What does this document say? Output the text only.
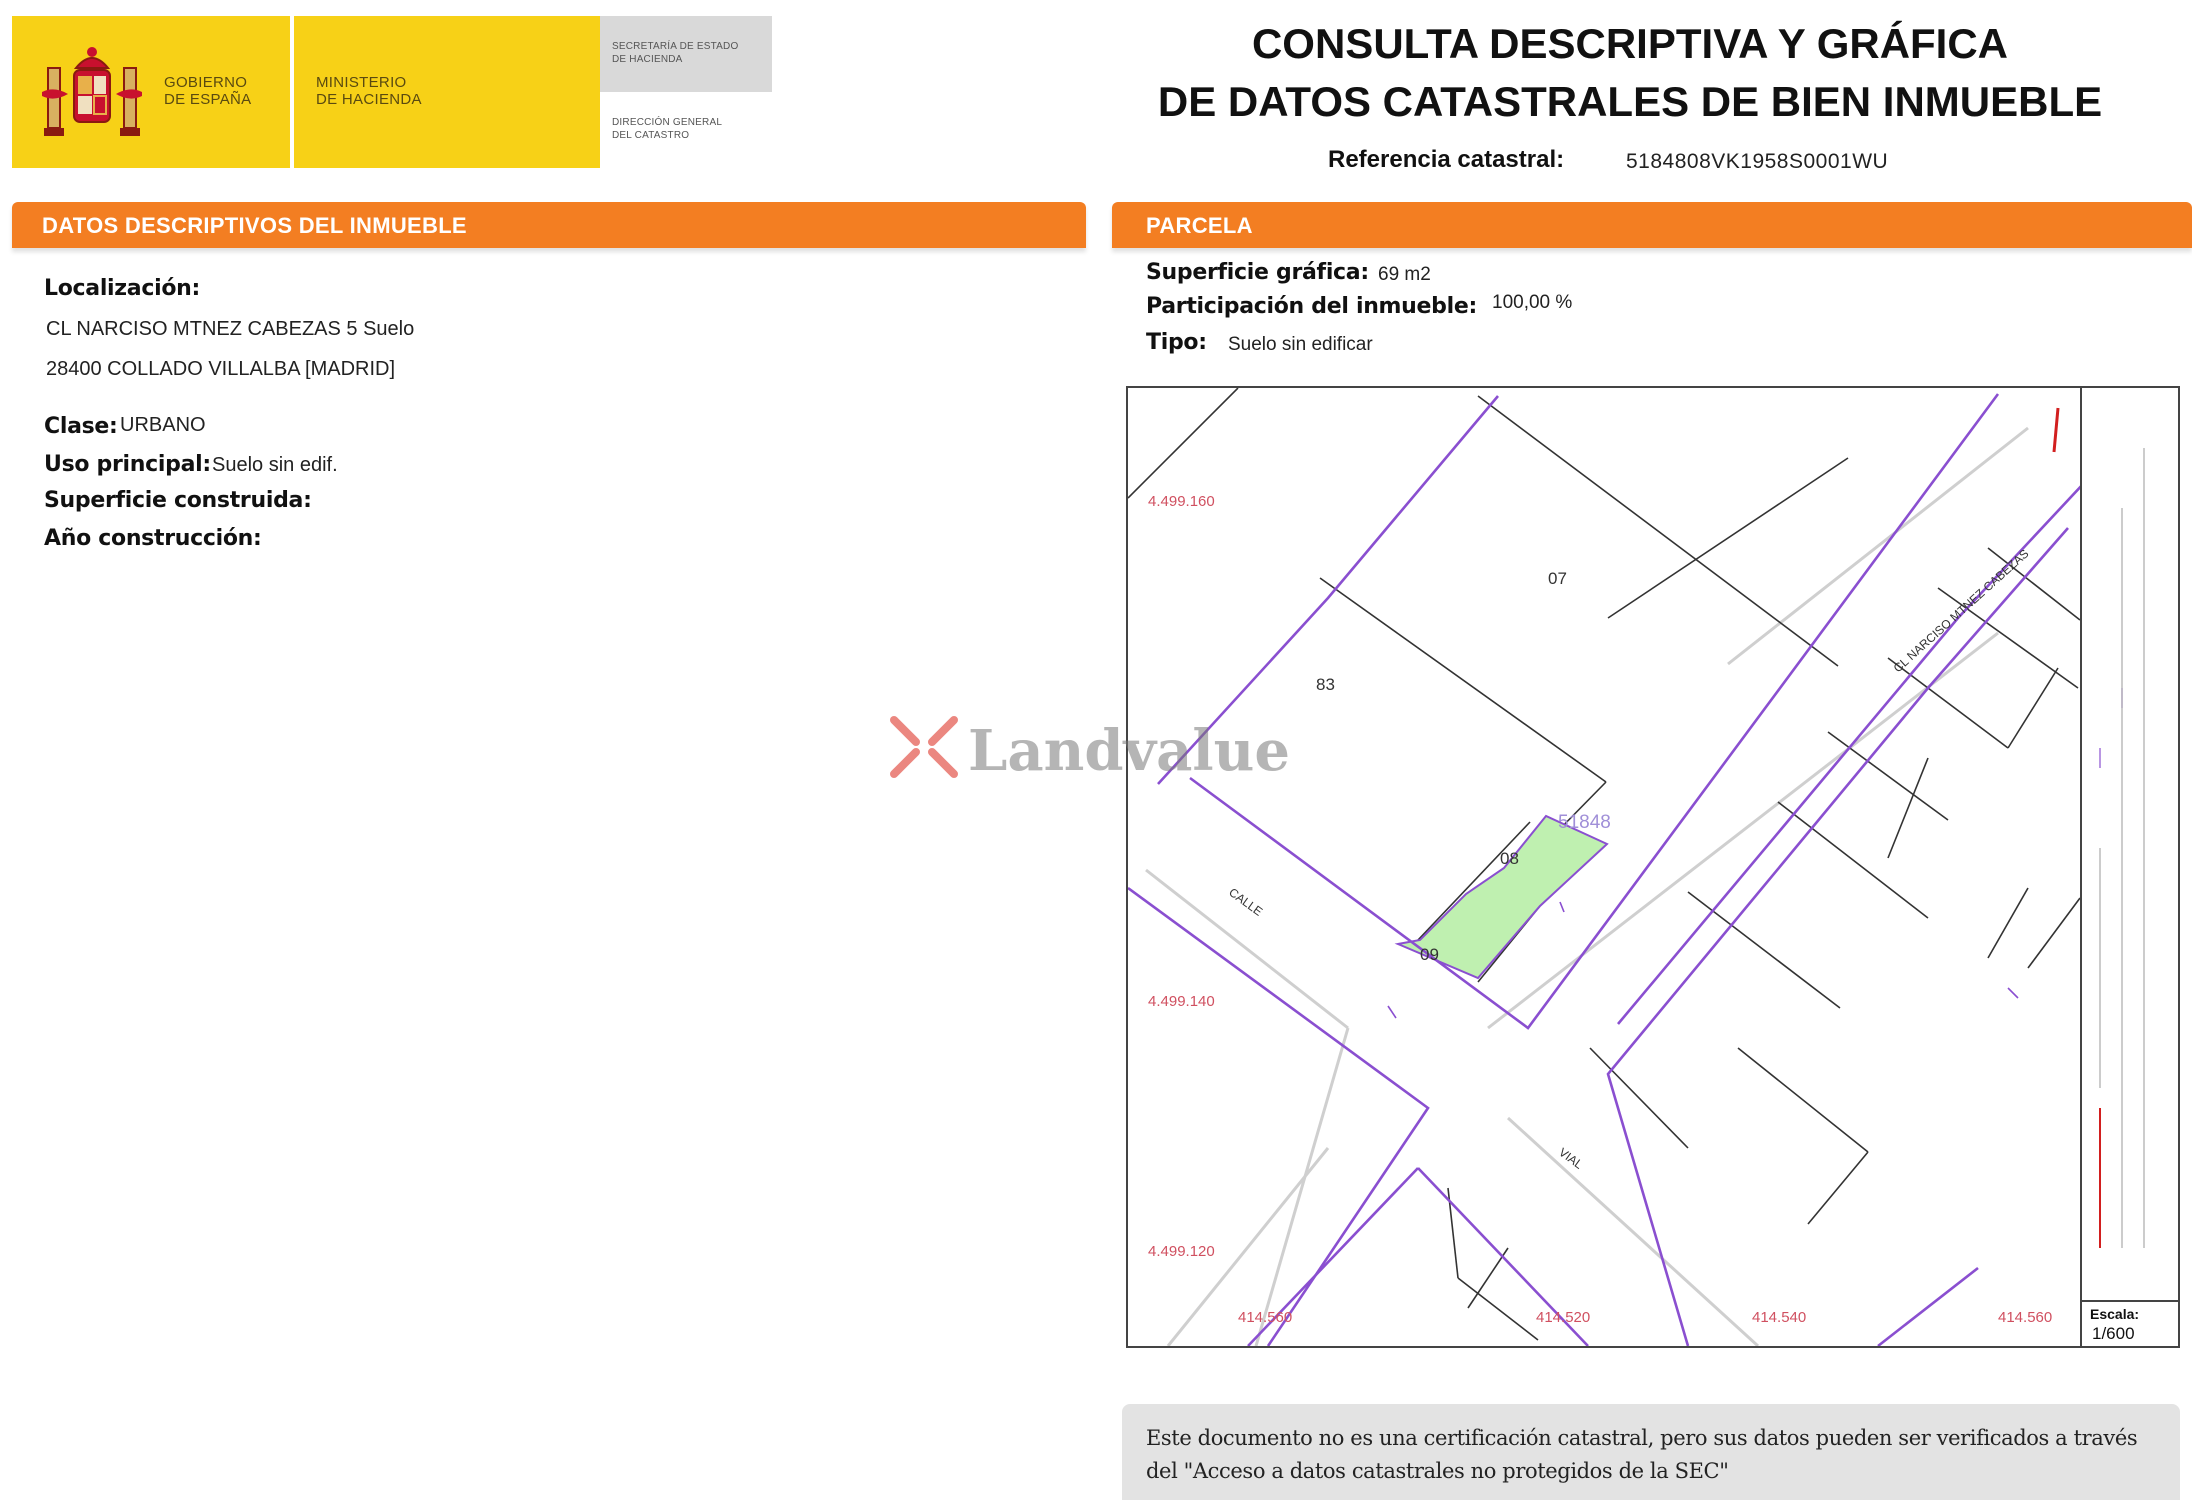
GOBIERNO
DE ESPAÑA
MINISTERIO
DE HACIENDA
SECRETARÍA DE ESTADO
DE HACIENDA
DIRECCIÓN GENERAL
DEL CATASTRO
CONSULTA DESCRIPTIVA Y GRÁFICA
DE DATOS CATASTRALES DE BIEN INMUEBLE
Referencia catastral:	5184808VK1958S0001WU
DATOS DESCRIPTIVOS DEL INMUEBLE
Localización:
CL NARCISO MTNEZ CABEZAS 5 Suelo
28400 COLLADO VILLALBA [MADRID]
Clase: URBANO
Uso principal: Suelo sin edif.
Superficie construida:
Año construcción:
PARCELA
Superficie gráfica: 69 m2
Participación del inmueble: 100,00 %
Tipo: Suelo sin edificar
4.499.160
4.499.140
4.499.120
414.560	414.520	414.540	414.560
07
83
08
09
51848
CL NARCISO MTNEZ CABEZAS
CALLE
VIAL
Escala:
1/600
Landvalue
Este documento no es una certificación catastral, pero sus datos pueden ser verificados a través del "Acceso a datos catastrales no protegidos de la SEC"
